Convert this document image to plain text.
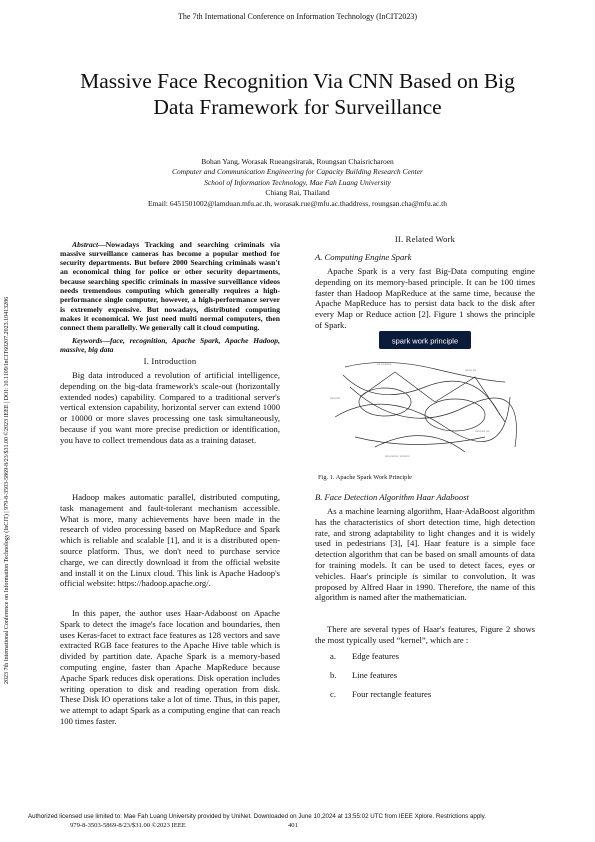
The 7th International Conference on Information Technology (InCIT2023)
Massive Face Recognition Via CNN Based on Big
Data Framework for Surveillance
Bohan Yang, Worasak Rueangsirarak, Roungsan Chaisricharoen
Computer and Communication Engineering for Capacity Building Research Center
School of Information Technology, Mae Fah Luang University
Chiang Rai, Thailand
Email: 6451501002@lamduan.mfu.ac.th, worasak.rue@mfu.ac.thaddress, roungsan.cha@mfu.ac.th
2023 7th International Conference on Information Technology (InCIT) | 979-8-3503-5869-8/23/$31.00 ©2023 IEEE | DOI: 10.1109/InCIT60207.2023.10413286

Abstract—Nowadays Tracking and searching criminals via massive surveillance cameras has become a popular method for security departments. But before 2000 Searching criminals wasn't an economical thing for police or other security departments, because searching specific criminals in massive surveillance videos needs tremendous computing which generally requires a high-performance single computer, however, a high-performance server is extremely expensive. But nowadays, distributed computing makes it economical. We just need multi normal computers, then connect them parallelly. We generally call it cloud computing.

Keywords—face, recognition, Apache Spark, Apache Hadoop, massive, big data

I. Introduction

Big data introduced a revolution of artificial intelligence, depending on the big-data framework's scale-out (horizontally extended nodes) capability. Compared to a traditional server's vertical extension capability, horizontal server can extend 1000 or 10000 or more slaves processing one task simultaneously, because if you want more precise prediction or identification, you have to collect tremendous data as a training dataset.

Hadoop makes automatic parallel, distributed computing, task management and fault-tolerant mechanism accessible. What is more, many achievements have been made in the research of video processing based on MapReduce and Spark which is reliable and scalable [1], and it is a distributed open-source platform. Thus, we don't need to purchase service charge, we can directly download it from the official website and install it on the Linux cloud. This link is Apache Hadoop's official website: https://hadoop.apache.org/.

In this paper, the author uses Haar-Adaboost on Apache Spark to detect the image's face location and boundaries, then uses Keras-facet to extract face features as 128 vectors and save extracted RGB face features to the Apache Hive table which is divided by partition date. Apache Spark is a memory-based computing engine, faster than Apache MapReduce because Apache Spark reduces disk operations. Disk operation includes writing operation to disk and reading operation from disk. These Disk IO operations take a lot of time. Thus, in this paper, we attempt to adapt Spark as a computing engine that can reach 100 times faster.

II. Related Work
A. Computing Engine Spark

Apache Spark is a very fast Big-Data computing engine depending on its memory-based principle. It can be 100 times faster than Hadoop MapReduce at the same time, because the Apache MapReduce has to persist data back to the disk after every Map or Reduce action [2]. Figure 1 shows the principle of Spark.

spark work principle
▭ ▭▭▭
▭▭ ▭
▭▭▭
▭▭▭ ▭
▭▭▭▭ ▭▭▭
Fig. 1. Apache Spark Work Principle
B. Face Detection Algorithm Haar Adaboost

As a machine learning algorithm, Haar-AdaBoost algorithm has the characteristics of short detection time, high detection rate, and strong adaptability to light changes and it is widely used in pedestrians [3], [4]. Haar feature is a simple face detection algorithm that can be based on small amounts of data for training models. It can be used to detect faces, eyes or vehicles. Haar's principle is similar to convolution. It was proposed by Alfred Haar in 1990. Therefore, the name of this algorithm is named after the mathematician.

There are several types of Haar's features, Figure 2 shows the most typically used “kernel”, which are :

a. Edge features
b. Line features
c. Four rectangle features
Authorized licensed use limited to: Mae Fah Luang University provided by UniNet. Downloaded on June 10,2024 at 13:55:02 UTC from IEEE Xplore. Restrictions apply.
979-8-3503-5869-8/23/$31.00 ©2023 IEEE	401
